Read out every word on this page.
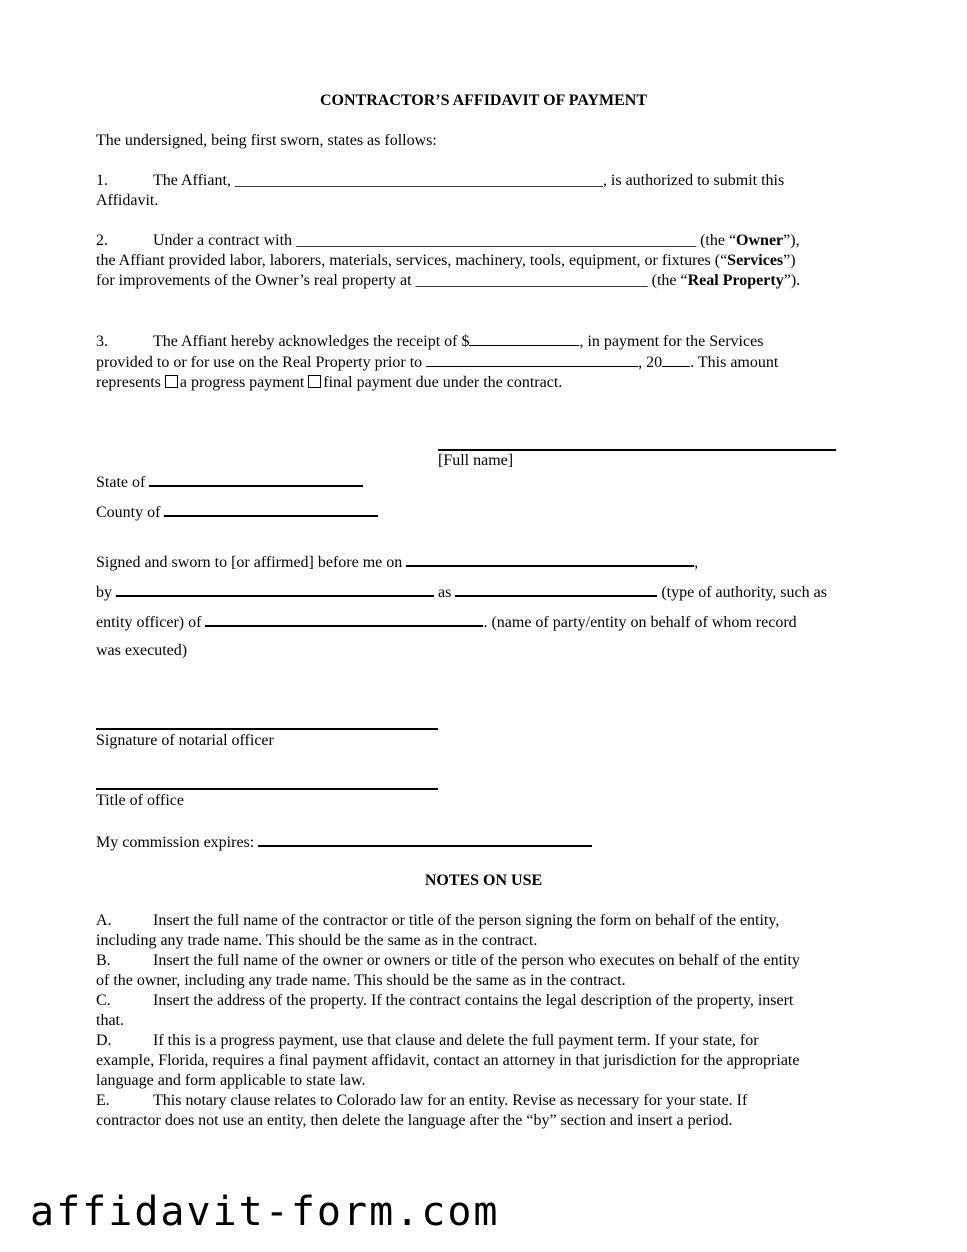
CONTRACTOR’S AFFIDAVIT OF PAYMENT
The undersigned, being first sworn, states as follows:
1.	The Affiant, ______________________________________________, is authorized to submit this
Affidavit.
2.	Under a contract with __________________________________________________ (the “Owner”),
the Affiant provided labor, laborers, materials, services, machinery, tools, equipment, or fixtures (“Services”)
for improvements of the Owner’s real property at _____________________________ (the “Real Property”).
3.	The Affiant hereby acknowledges the receipt of $	, in payment for the Services
provided to or for use on the Real Property prior to	, 20 . This amount
represents a progress payment final payment due under the contract.
[Full name]
State of
County of
Signed and sworn to [or affirmed] before me on	,
by	as	(type of authority, such as
entity officer) of	. (name of party/entity on behalf of whom record
was executed)
Signature of notarial officer
Title of office
My commission expires:
NOTES ON USE
A.	Insert the full name of the contractor or title of the person signing the form on behalf of the entity,
including any trade name. This should be the same as in the contract.
B.	Insert the full name of the owner or owners or title of the person who executes on behalf of the entity
of the owner, including any trade name. This should be the same as in the contract.
C.	Insert the address of the property. If the contract contains the legal description of the property, insert
that.
D.	If this is a progress payment, use that clause and delete the full payment term. If your state, for
example, Florida, requires a final payment affidavit, contact an attorney in that jurisdiction for the appropriate
language and form applicable to state law.
E.	This notary clause relates to Colorado law for an entity. Revise as necessary for your state. If
contractor does not use an entity, then delete the language after the “by” section and insert a period.
affidavit-form.com
